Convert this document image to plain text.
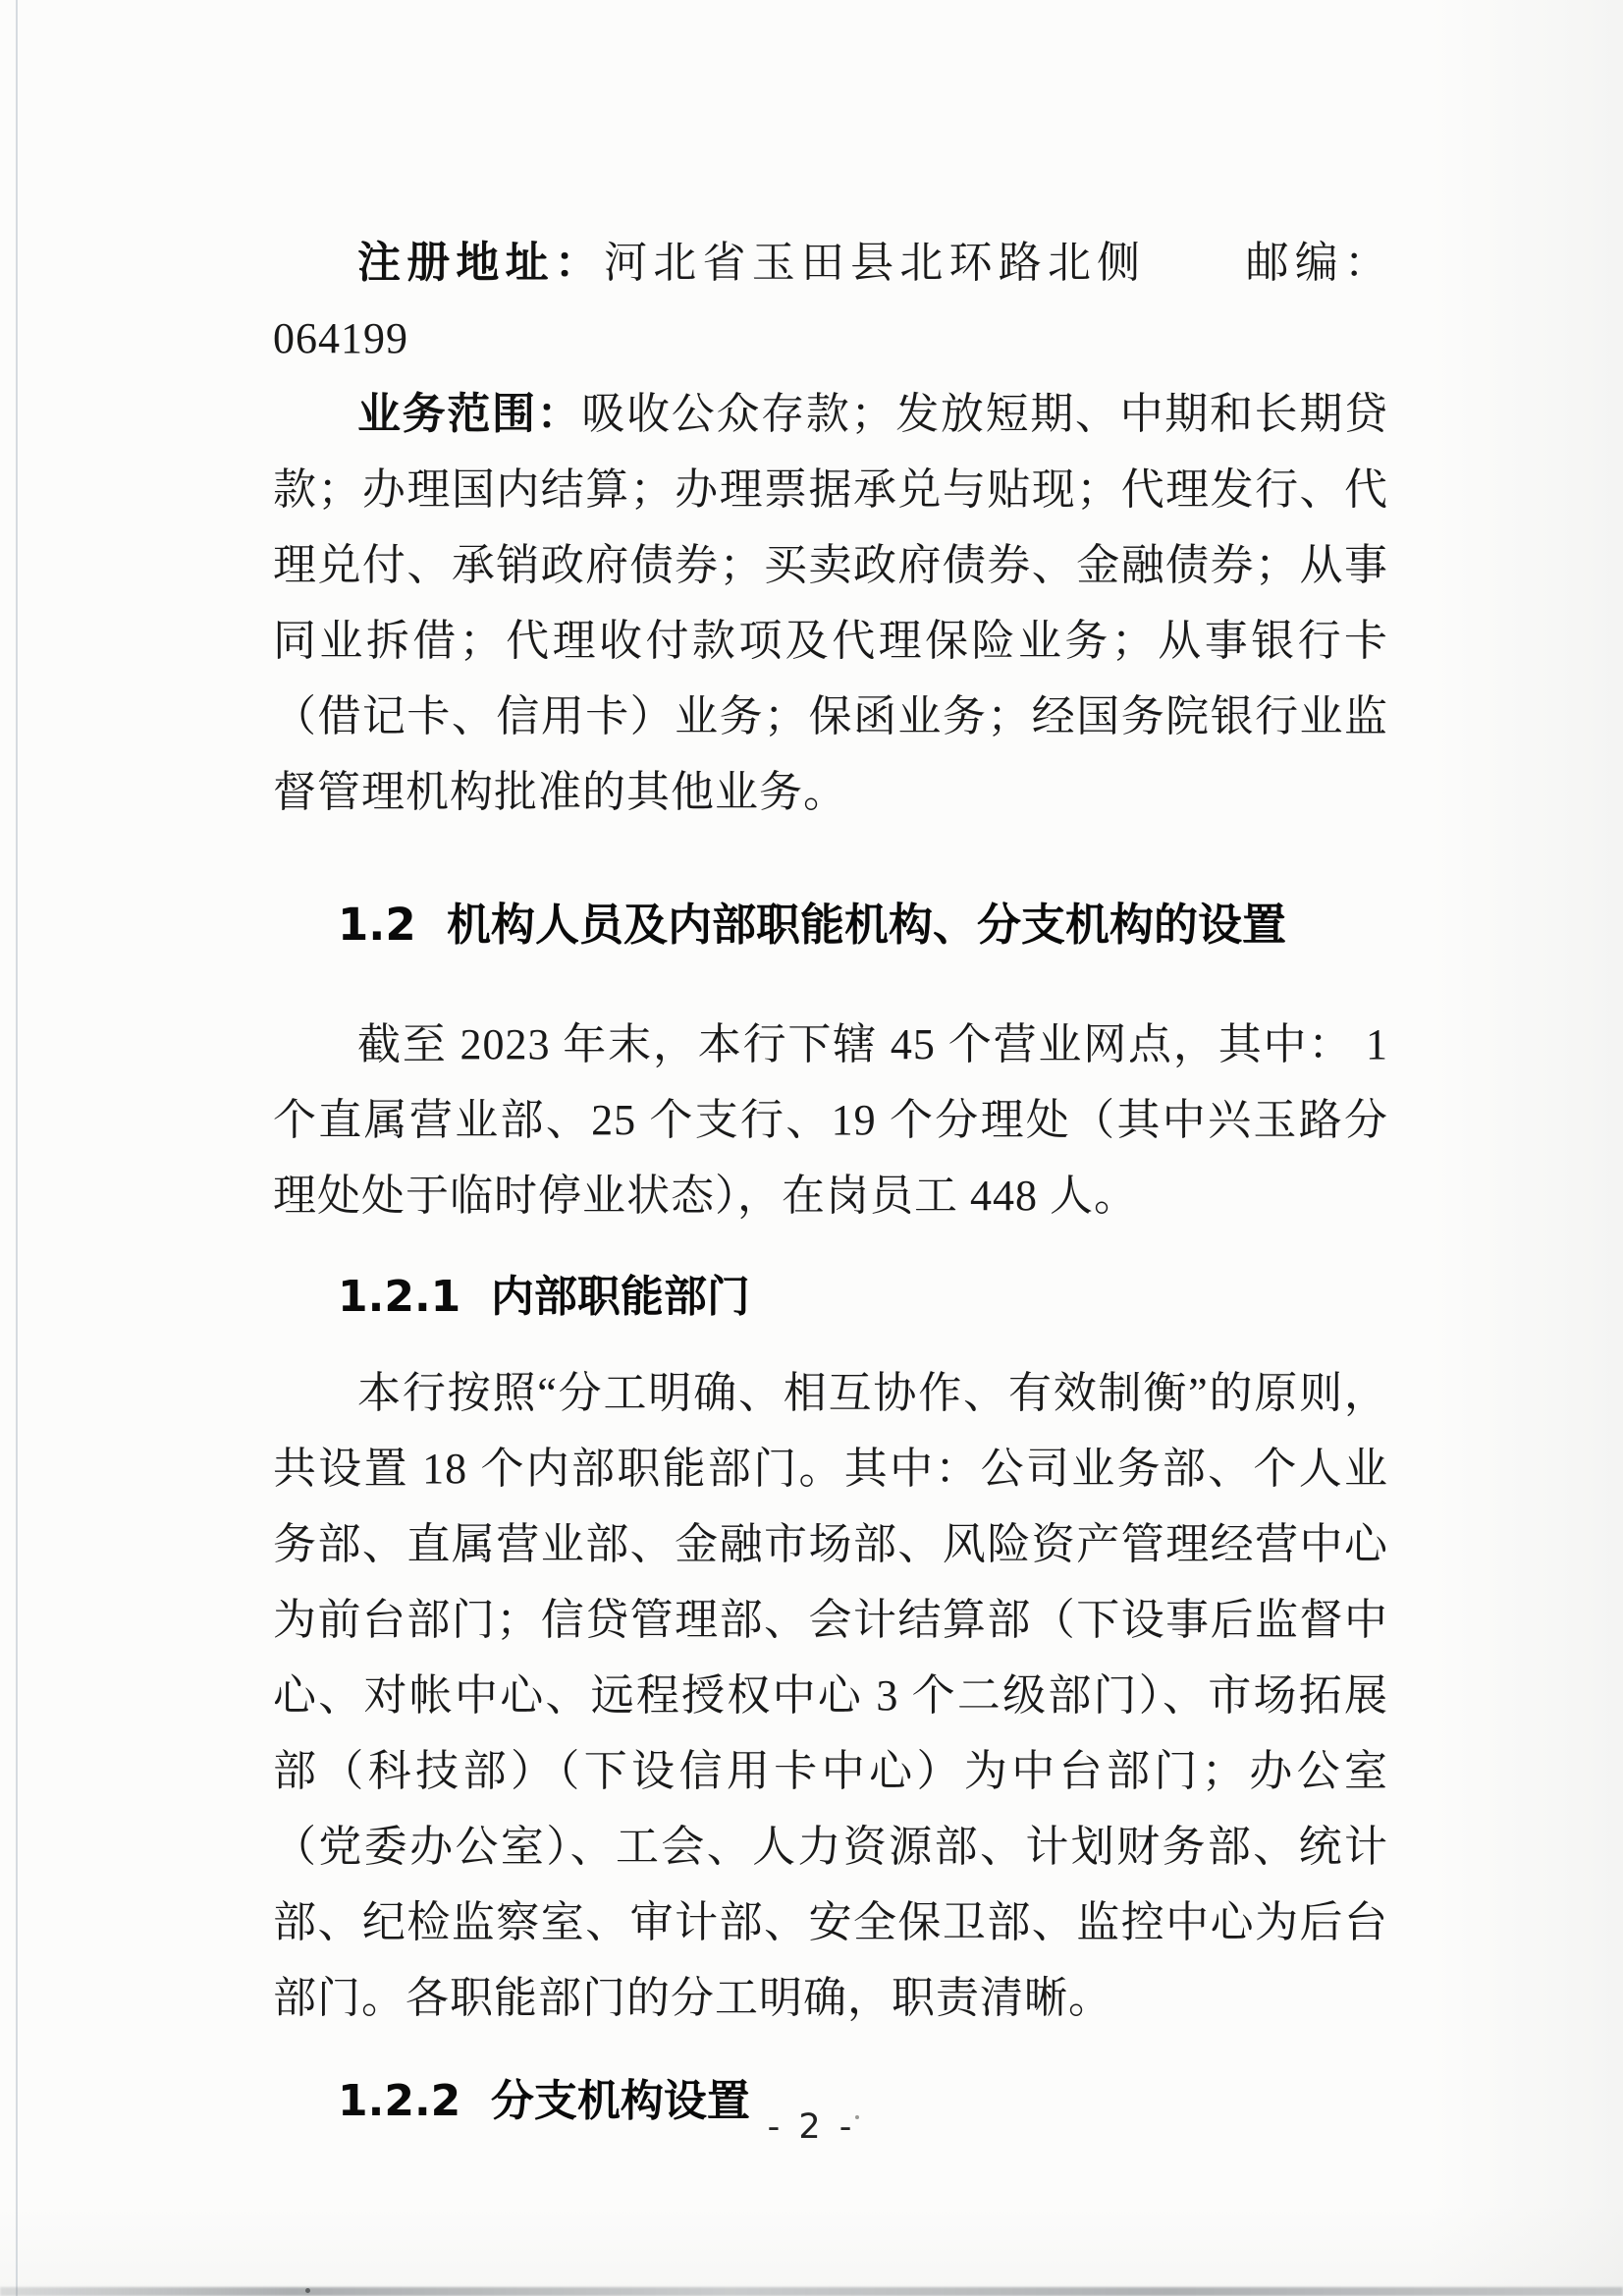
注册地址：河北省玉田县北环路北侧 邮编：064199

业务范围：吸收公众存款；发放短期、中期和长期贷款；办理国内结算；办理票据承兑与贴现；代理发行、代理兑付、承销政府债券；买卖政府债券、金融债券；从事同业拆借；代理收付款项及代理保险业务；从事银行卡（借记卡、信用卡）业务；保函业务；经国务院银行业监督管理机构批准的其他业务。

1.2  机构人员及内部职能机构、分支机构的设置

截至 2023 年末，本行下辖 45 个营业网点，其中： 1 个直属营业部、25 个支行、19 个分理处（其中兴玉路分理处处于临时停业状态），在岗员工 448 人。

1.2.1  内部职能部门

本行按照“分工明确、相互协作、有效制衡”的原则，共设置 18 个内部职能部门。其中：公司业务部、个人业务部、直属营业部、金融市场部、风险资产管理经营中心为前台部门；信贷管理部、会计结算部（下设事后监督中心、对帐中心、远程授权中心 3 个二级部门）、市场拓展部（科技部）（下设信用卡中心）为中台部门；办公室（党委办公室）、工会、人力资源部、计划财务部、统计部、纪检监察室、审计部、安全保卫部、监控中心为后台部门。各职能部门的分工明确，职责清晰。

1.2.2  分支机构设置
- 2 -
